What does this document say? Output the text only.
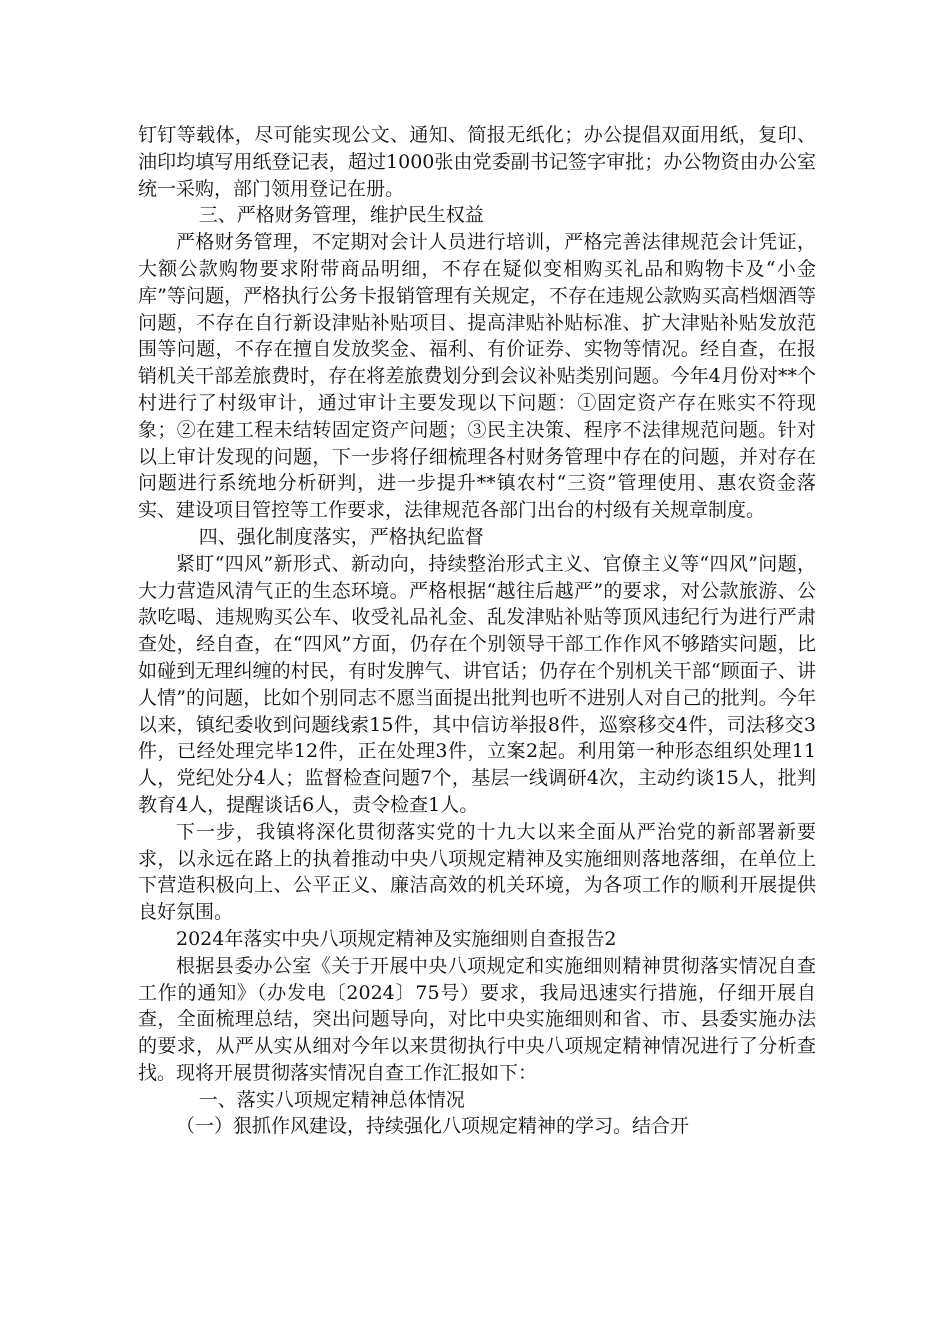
钉钉等载体，尽可能实现公文、通知、简报无纸化；办公提倡双面用纸，复印、油印均填写用纸登记表，超过1000张由党委副书记签字审批；办公物资由办公室统一采购，部门领用登记在册。

三、严格财务管理，维护民生权益

严格财务管理，不定期对会计人员进行培训，严格完善法律规范会计凭证，大额公款购物要求附带商品明细，不存在疑似变相购买礼品和购物卡及“小金库”等问题，严格执行公务卡报销管理有关规定，不存在违规公款购买高档烟酒等问题，不存在自行新设津贴补贴项目、提高津贴补贴标准、扩大津贴补贴发放范围等问题，不存在擅自发放奖金、福利、有价证券、实物等情况。经自查，在报销机关干部差旅费时，存在将差旅费划分到会议补贴类别问题。今年4月份对**个村进行了村级审计，通过审计主要发现以下问题：①固定资产存在账实不符现象；②在建工程未结转固定资产问题；③民主决策、程序不法律规范问题。针对以上审计发现的问题，下一步将仔细梳理各村财务管理中存在的问题，并对存在问题进行系统地分析研判，进一步提升**镇农村“三资”管理使用、惠农资金落实、建设项目管控等工作要求，法律规范各部门出台的村级有关规章制度。

四、强化制度落实，严格执纪监督

紧盯“四风”新形式、新动向，持续整治形式主义、官僚主义等“四风”问题，大力营造风清气正的生态环境。严格根据“越往后越严”的要求，对公款旅游、公款吃喝、违规购买公车、收受礼品礼金、乱发津贴补贴等顶风违纪行为进行严肃查处，经自查，在“四风”方面，仍存在个别领导干部工作作风不够踏实问题，比如碰到无理纠缠的村民，有时发脾气、讲官话；仍存在个别机关干部“顾面子、讲人情”的问题，比如个别同志不愿当面提出批判也听不进别人对自己的批判。今年以来，镇纪委收到问题线索15件，其中信访举报8件，巡察移交4件，司法移交3件，已经处理完毕12件，正在处理3件，立案2起。利用第一种形态组织处理11人，党纪处分4人；监督检查问题7个，基层一线调研4次，主动约谈15人，批判教育4人，提醒谈话6人，责令检查1人。

下一步，我镇将深化贯彻落实党的十九大以来全面从严治党的新部署新要求，以永远在路上的执着推动中央八项规定精神及实施细则落地落细，在单位上下营造积极向上、公平正义、廉洁高效的机关环境，为各项工作的顺利开展提供良好氛围。

2024年落实中央八项规定精神及实施细则自查报告2

根据县委办公室《关于开展中央八项规定和实施细则精神贯彻落实情况自查工作的通知》（办发电〔2024〕75号）要求，我局迅速实行措施，仔细开展自查，全面梳理总结，突出问题导向，对比中央实施细则和省、市、县委实施办法的要求，从严从实从细对今年以来贯彻执行中央八项规定精神情况进行了分析查找。现将开展贯彻落实情况自查工作汇报如下：

一、落实八项规定精神总体情况

（一）狠抓作风建设，持续强化八项规定精神的学习。结合开
